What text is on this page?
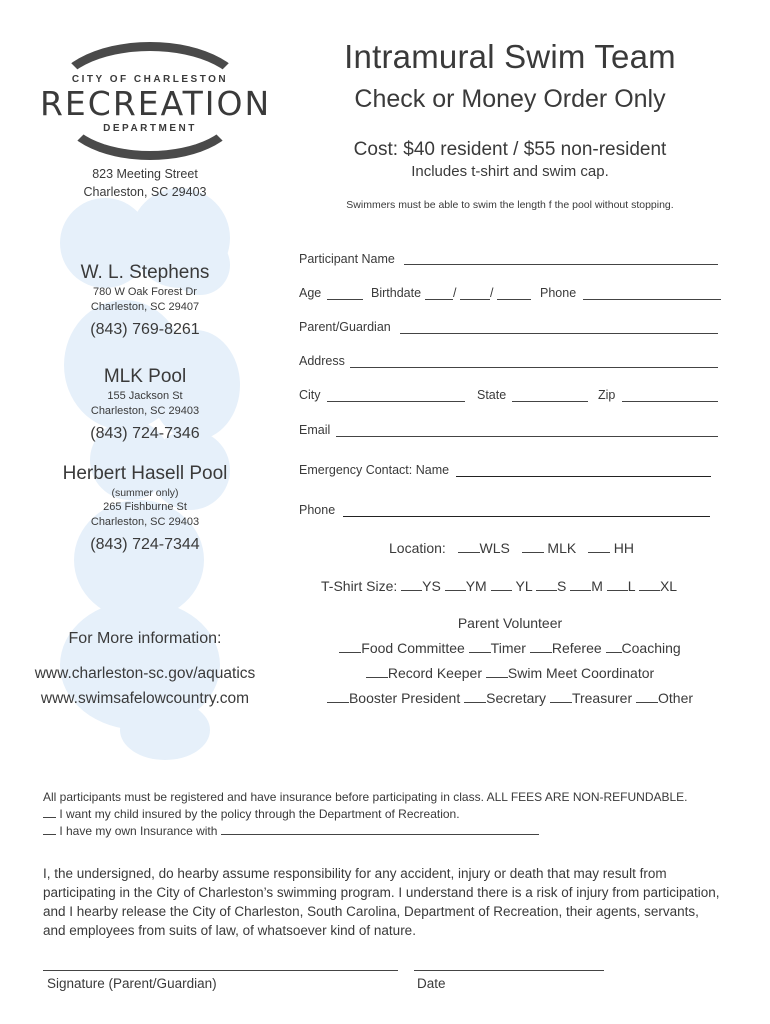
CITY OF CHARLESTON
RECREATION
DEPARTMENT
823 Meeting Street
Charleston, SC 29403
W. L. Stephens
780 W Oak Forest Dr
Charleston, SC 29407
(843) 769-8261
MLK Pool
155 Jackson St
Charleston, SC 29403
(843) 724-7346
Herbert Hasell Pool
(summer only)
265 Fishburne St
Charleston, SC 29403
(843) 724-7344
For More information:
www.charleston-sc.gov/aquatics
www.swimsafelowcountry.com
Intramural Swim Team
Check or Money Order Only
Cost: $40 resident / $55 non-resident
Includes t-shirt and swim cap.
Swimmers must be able to swim the length f the pool without stopping.
Participant Name
Age	Birthdate	/	/	Phone
Parent/Guardian
Address
City	State	Zip
Email
Emergency Contact: Name
Phone
Location: WLS	MLK	HH
T-Shirt Size: YS YM YL S M L XL
Parent Volunteer
Food Committee Timer Referee Coaching
Record Keeper Swim Meet Coordinator
Booster President Secretary Treasurer Other
All participants must be registered and have insurance before participating in class. ALL FEES ARE NON-REFUNDABLE.
I want my child insured by the policy through the Department of Recreation.
I have my own Insurance with
I, the undersigned, do hearby assume responsibility for any accident, injury or death that may result from participating in the City of Charleston’s swimming program. I understand there is a risk of injury from participation, and I hearby release the City of Charleston, South Carolina, Department of Recreation, their agents, servants, and employees from suits of law, of whatsoever kind of nature.
Signature (Parent/Guardian)	Date
